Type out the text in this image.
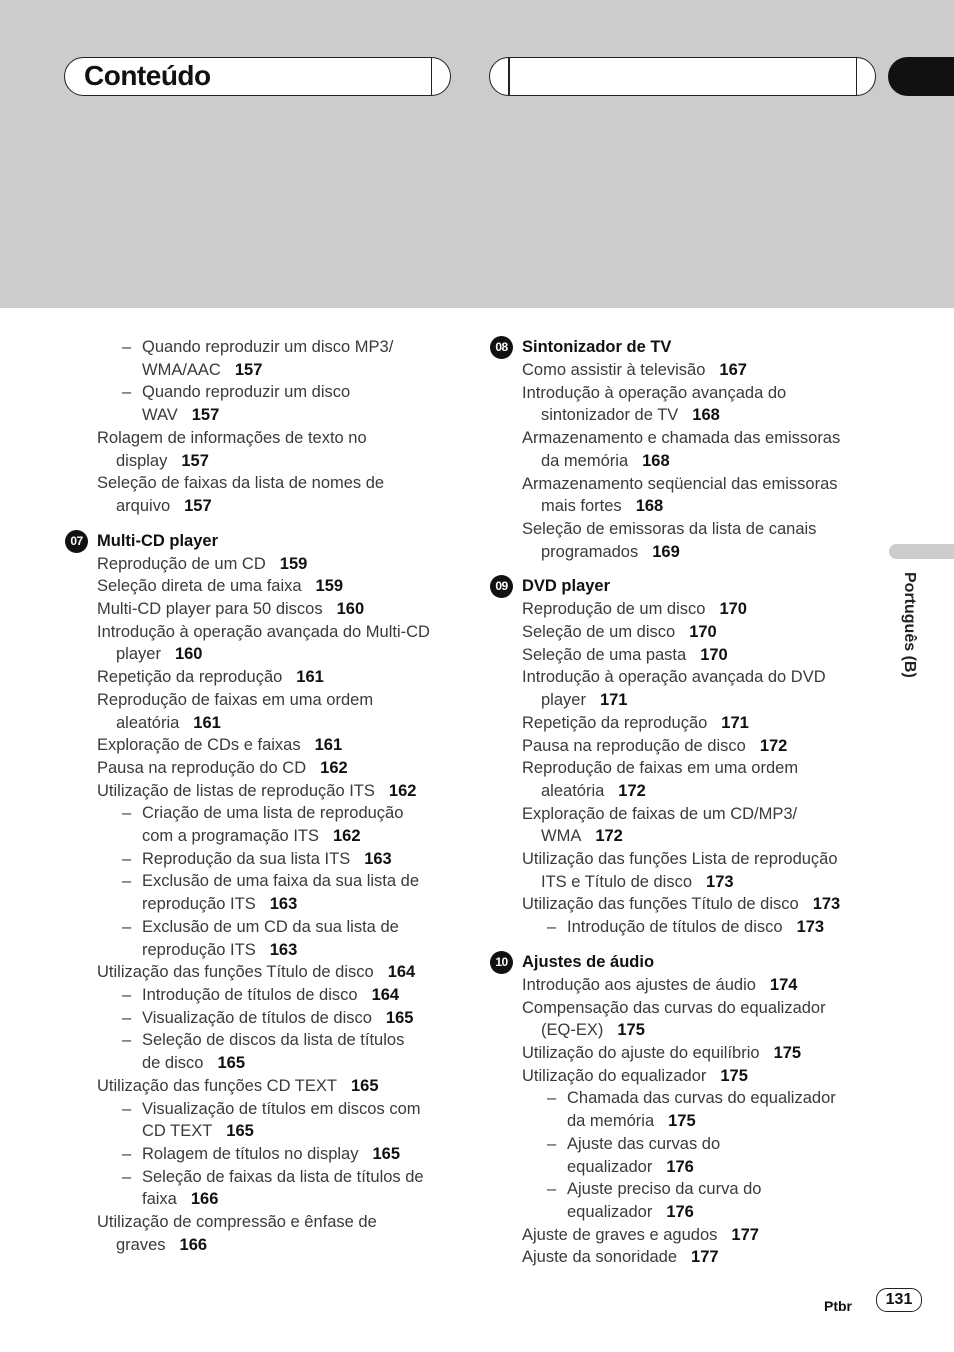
Conteúdo
– Quando reproduzir um disco MP3/
WMA/AAC 157
– Quando reproduzir um disco
WAV 157
Rolagem de informações de texto no
display 157
Seleção de faixas da lista de nomes de
arquivo 157
07 Multi-CD player
Reprodução de um CD 159
Seleção direta de uma faixa 159
Multi-CD player para 50 discos 160
Introdução à operação avançada do Multi-CD
player 160
Repetição da reprodução 161
Reprodução de faixas em uma ordem
aleatória 161
Exploração de CDs e faixas 161
Pausa na reprodução do CD 162
Utilização de listas de reprodução ITS 162
– Criação de uma lista de reprodução
com a programação ITS 162
– Reprodução da sua lista ITS 163
– Exclusão de uma faixa da sua lista de
reprodução ITS 163
– Exclusão de um CD da sua lista de
reprodução ITS 163
Utilização das funções Título de disco 164
– Introdução de títulos de disco 164
– Visualização de títulos de disco 165
– Seleção de discos da lista de títulos
de disco 165
Utilização das funções CD TEXT 165
– Visualização de títulos em discos com
CD TEXT 165
– Rolagem de títulos no display 165
– Seleção de faixas da lista de títulos de
faixa 166
Utilização de compressão e ênfase de
graves 166
08 Sintonizador de TV
Como assistir à televisão 167
Introdução à operação avançada do
sintonizador de TV 168
Armazenamento e chamada das emissoras
da memória 168
Armazenamento seqüencial das emissoras
mais fortes 168
Seleção de emissoras da lista de canais
programados 169
09 DVD player
Reprodução de um disco 170
Seleção de um disco 170
Seleção de uma pasta 170
Introdução à operação avançada do DVD
player 171
Repetição da reprodução 171
Pausa na reprodução de disco 172
Reprodução de faixas em uma ordem
aleatória 172
Exploração de faixas de um CD/MP3/
WMA 172
Utilização das funções Lista de reprodução
ITS e Título de disco 173
Utilização das funções Título de disco 173
– Introdução de títulos de disco 173
10 Ajustes de áudio
Introdução aos ajustes de áudio 174
Compensação das curvas do equalizador
(EQ-EX) 175
Utilização do ajuste do equilíbrio 175
Utilização do equalizador 175
– Chamada das curvas do equalizador
da memória 175
– Ajuste das curvas do
equalizador 176
– Ajuste preciso da curva do
equalizador 176
Ajuste de graves e agudos 177
Ajuste da sonoridade 177
Português (B)
Ptbr	131
